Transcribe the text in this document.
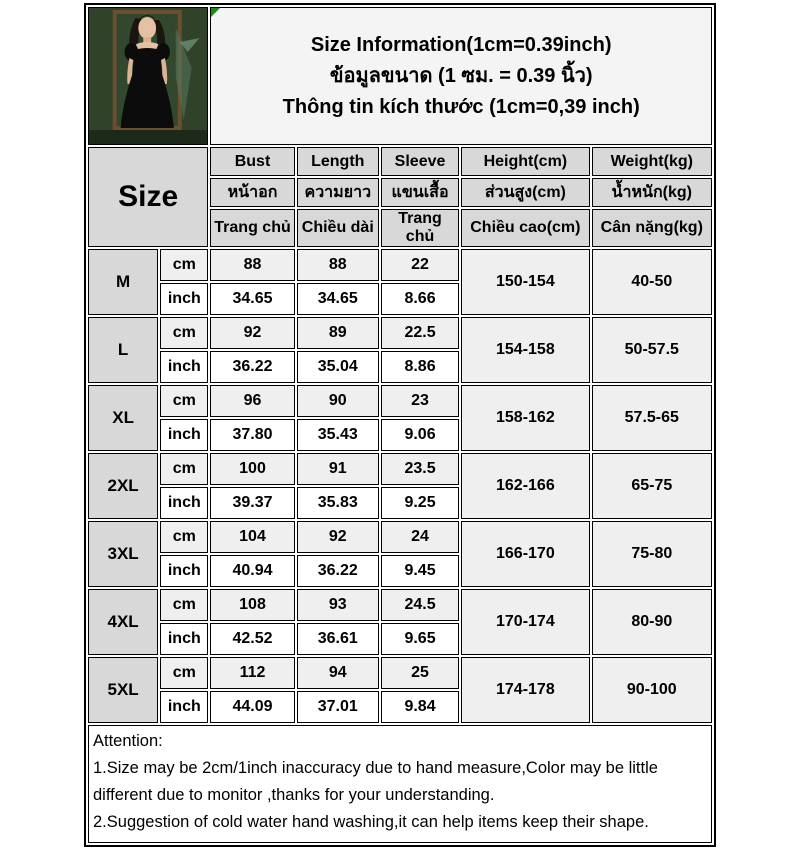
Size Information(1cm=0.39inch)
ข้อมูลขนาด (1 ซม. = 0.39 นิ้ว)
Thông tin kích thước (1cm=0,39 inch)				

Size		Bust	Length	Sleeve	Height(cm)	Weight(kg)
		หน้าอก	ความยาว	แขนเสื้อ	ส่วนสูง(cm)	น้ำหนัก(kg)
		Trang chủ	Chiều dài	Trang chủ	Chiều cao(cm)	Cân nặng(kg)
M	cm	88	88	22	150-154	40-50
	inch	34.65	34.65	8.66		
L	cm	92	89	22.5	154-158	50-57.5
	inch	36.22	35.04	8.86		
XL	cm	96	90	23	158-162	57.5-65
	inch	37.80	35.43	9.06		
2XL	cm	100	91	23.5	162-166	65-75
	inch	39.37	35.83	9.25		
3XL	cm	104	92	24	166-170	75-80
	inch	40.94	36.22	9.45		
4XL	cm	108	93	24.5	170-174	80-90
	inch	42.52	36.61	9.65		
5XL	cm	112	94	25	174-178	90-100
	inch	44.09	37.01	9.84		

Attention:

1.Size may be 2cm/1inch inaccuracy due to hand measure,Color may be little different due to monitor ,thanks for your understanding.

2.Suggestion of cold water hand washing,it can help items keep their shape.						
